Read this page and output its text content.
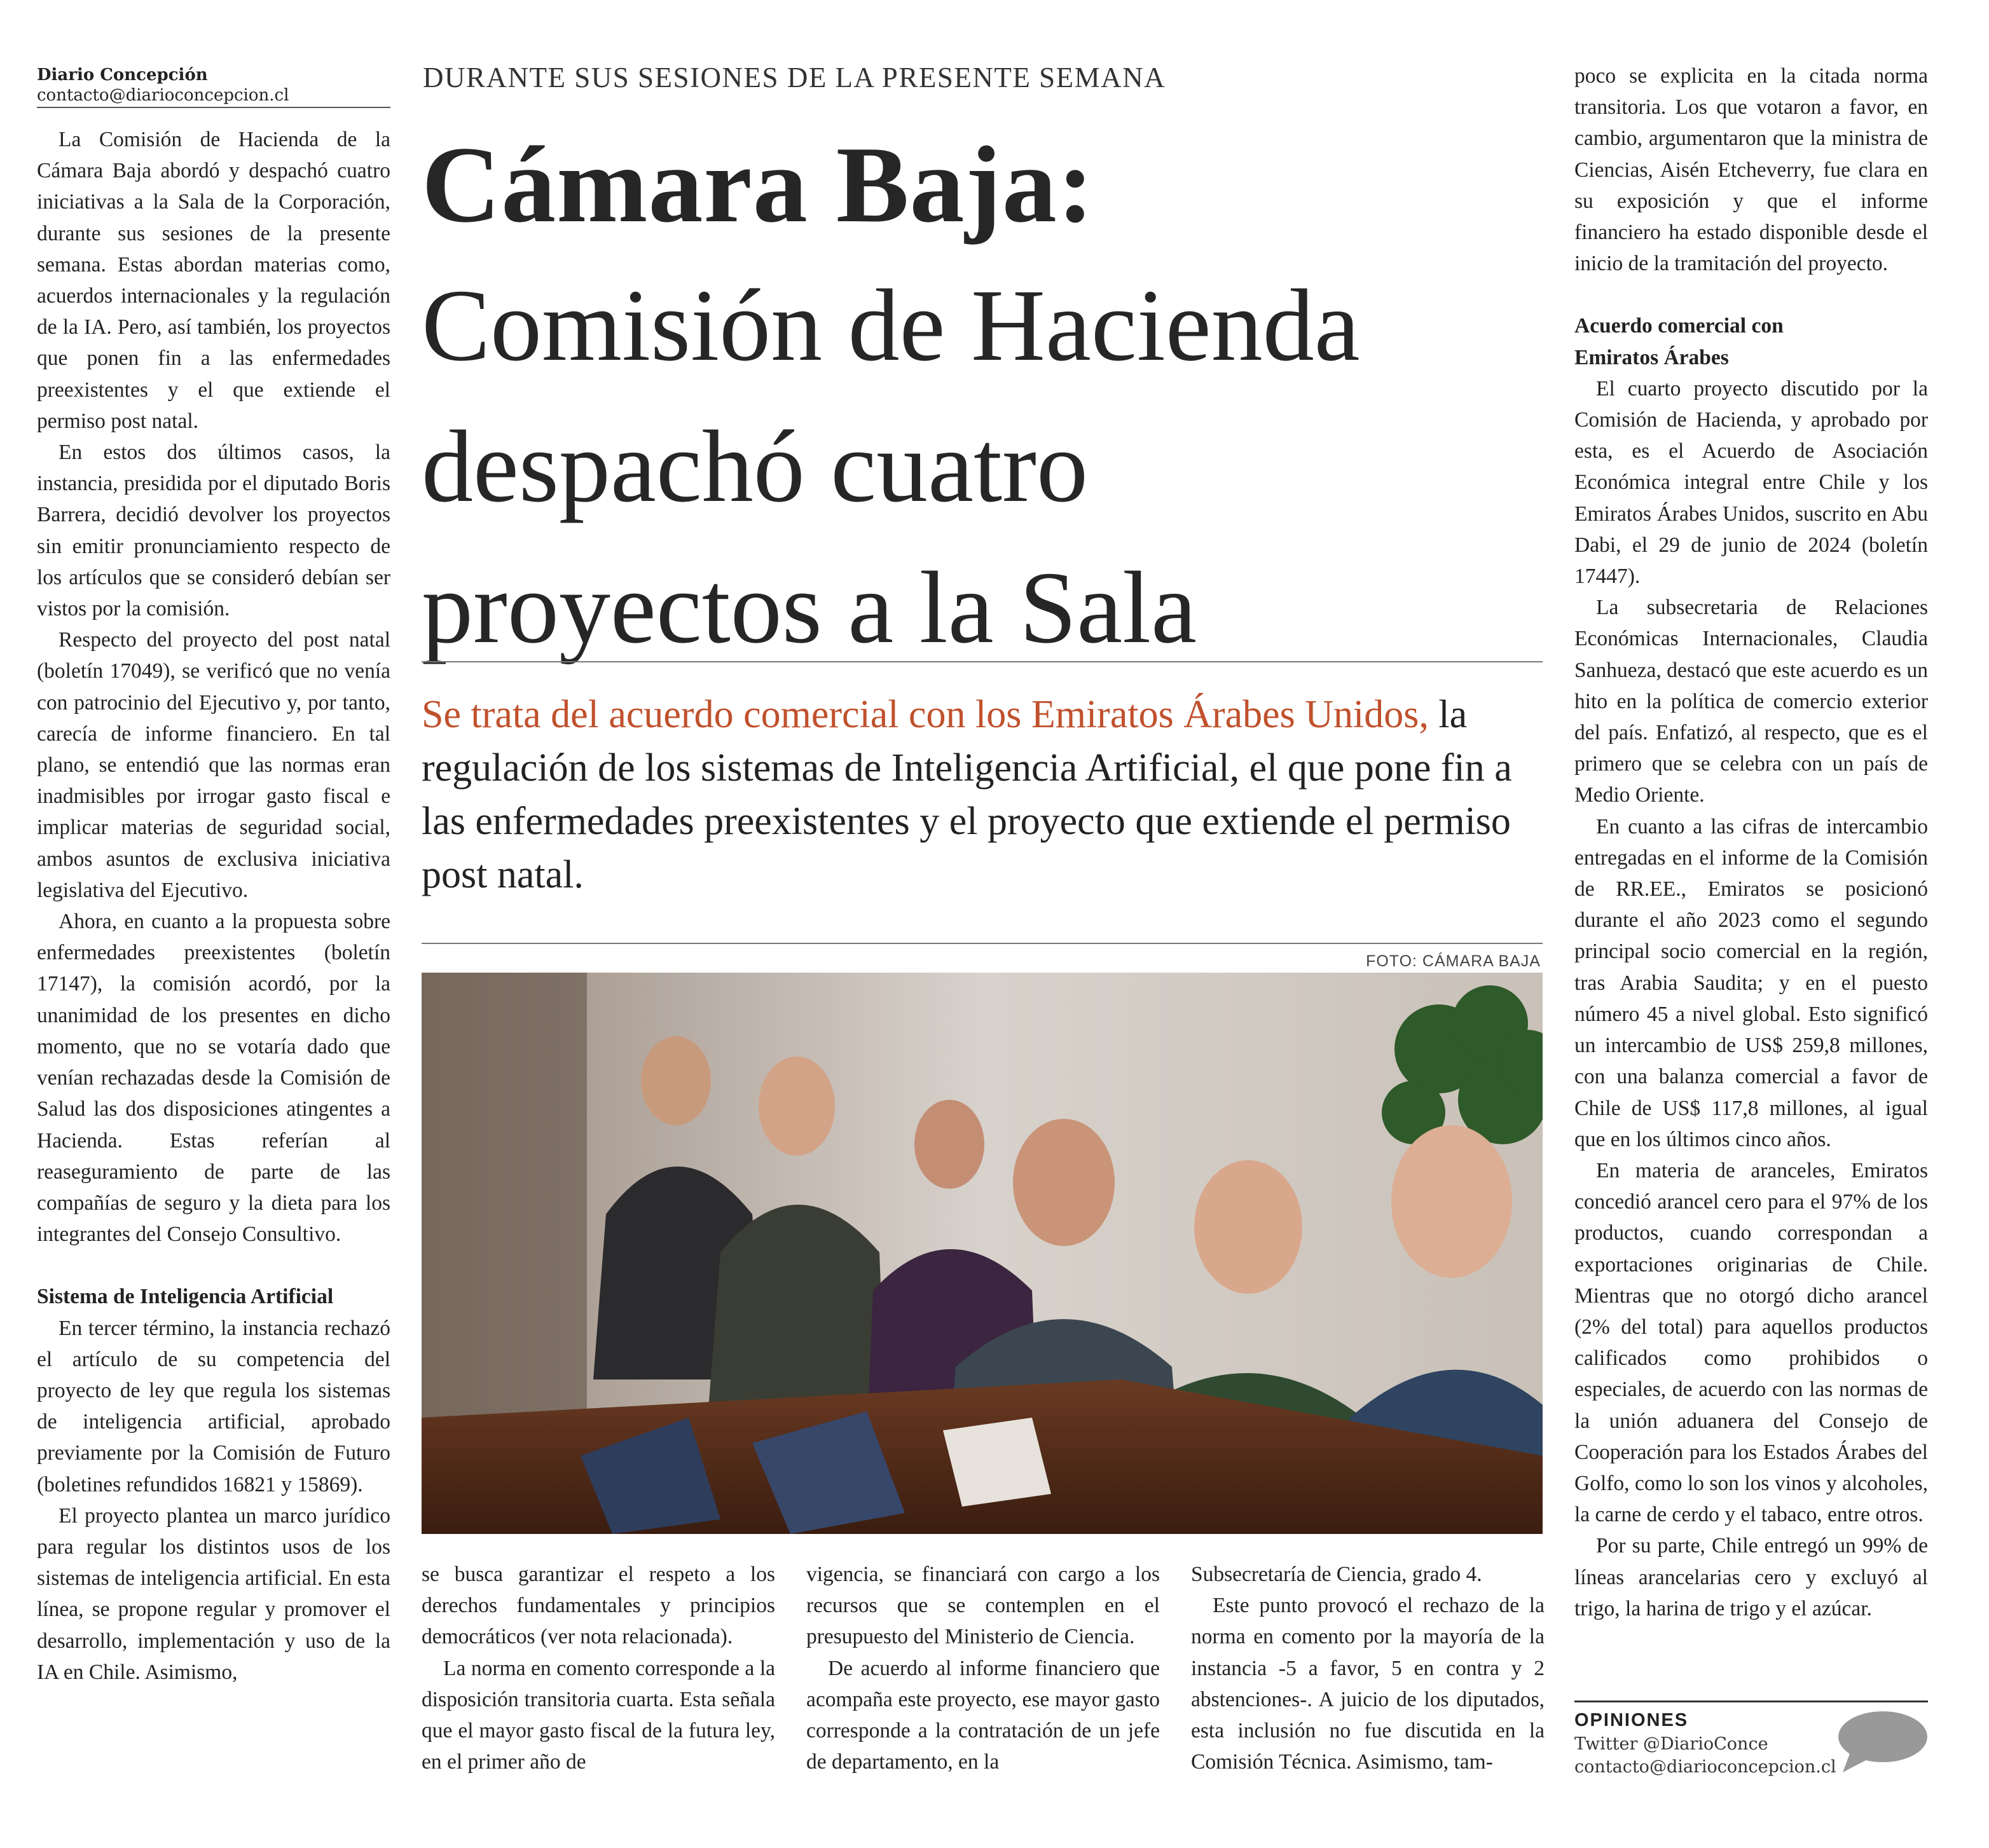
Diario Concepción
contacto@diarioconcepcion.cl

La Comisión de Hacienda de la Cámara Baja abordó y despachó cuatro iniciativas a la Sala de la Corporación, durante sus sesiones de la presente semana. Estas abordan materias como, acuerdos internacionales y la regulación de la IA. Pero, así también, los proyectos que ponen fin a las enfermedades preexistentes y el que extiende el permiso post natal.

En estos dos últimos casos, la instancia, presidida por el diputado Boris Barrera, decidió devolver los proyectos sin emitir pronunciamiento respecto de los artículos que se consideró debían ser vistos por la comisión.

Respecto del proyecto del post natal (boletín 17049), se verificó que no venía con patrocinio del Ejecutivo y, por tanto, carecía de informe financiero. En tal plano, se entendió que las normas eran inadmisibles por irrogar gasto fiscal e implicar materias de seguridad social, ambos asuntos de exclusiva iniciativa legislativa del Ejecutivo.

Ahora, en cuanto a la propuesta sobre enfermedades preexistentes (boletín 17147), la comisión acordó, por la unanimidad de los presentes en dicho momento, que no se votaría dado que venían rechazadas desde la Comisión de Salud las dos disposiciones atingentes a Hacienda. Estas referían al reaseguramiento de parte de las compañías de seguro y la dieta para los integrantes del Consejo Consultivo.

Sistema de Inteligencia Artificial

En tercer término, la instancia rechazó el artículo de su competencia del proyecto de ley que regula los sistemas de inteligencia artificial, aprobado previamente por la Comisión de Futuro (boletines refundidos 16821 y 15869).

El proyecto plantea un marco jurídico para regular los distintos usos de los sistemas de inteligencia artificial. En esta línea, se propone regular y promover el desarrollo, implementación y uso de la IA en Chile. Asimismo,

DURANTE SUS SESIONES DE LA PRESENTE SEMANA
Cámara Baja:
Comisión de Hacienda
despachó cuatro
proyectos a la Sala
Se trata del acuerdo comercial con los Emiratos Árabes Unidos, la regulación de los sistemas de Inteligencia Artificial, el que pone fin a las enfermedades preexistentes y el proyecto que extiende el permiso post natal.
FOTO: CÁMARA BAJA

se busca garantizar el respeto a los derechos fundamentales y principios democráticos (ver nota relacionada).

La norma en comento corresponde a la disposición transitoria cuarta. Esta señala que el mayor gasto fiscal de la futura ley, en el primer año de

vigencia, se financiará con cargo a los recursos que se contemplen en el presupuesto del Ministerio de Ciencia.

De acuerdo al informe financiero que acompaña este proyecto, ese mayor gasto corresponde a la contratación de un jefe de departamento, en la

Subsecretaría de Ciencia, grado 4.

Este punto provocó el rechazo de la norma en comento por la mayoría de la instancia -5 a favor, 5 en contra y 2 abstenciones-. A juicio de los diputados, esta inclusión no fue discutida en la Comisión Técnica. Asimismo, tam-

poco se explicita en la citada norma transitoria. Los que votaron a favor, en cambio, argumentaron que la ministra de Ciencias, Aisén Etcheverry, fue clara en su exposición y que el informe financiero ha estado disponible desde el inicio de la tramitación del proyecto.

Acuerdo comercial con Emiratos Árabes

El cuarto proyecto discutido por la Comisión de Hacienda, y aprobado por esta, es el Acuerdo de Asociación Económica integral entre Chile y los Emiratos Árabes Unidos, suscrito en Abu Dabi, el 29 de junio de 2024 (boletín 17447).

La subsecretaria de Relaciones Económicas Internacionales, Claudia Sanhueza, destacó que este acuerdo es un hito en la política de comercio exterior del país. Enfatizó, al respecto, que es el primero que se celebra con un país de Medio Oriente.

En cuanto a las cifras de intercambio entregadas en el informe de la Comisión de RR.EE., Emiratos se posicionó durante el año 2023 como el segundo principal socio comercial en la región, tras Arabia Saudita; y en el puesto número 45 a nivel global. Esto significó un intercambio de US$ 259,8 millones, con una balanza comercial a favor de Chile de US$ 117,8 millones, al igual que en los últimos cinco años.

En materia de aranceles, Emiratos concedió arancel cero para el 97% de los productos, cuando correspondan a exportaciones originarias de Chile. Mientras que no otorgó dicho arancel (2% del total) para aquellos productos calificados como prohibidos o especiales, de acuerdo con las normas de la unión aduanera del Consejo de Cooperación para los Estados Árabes del Golfo, como lo son los vinos y alcoholes, la carne de cerdo y el tabaco, entre otros.

Por su parte, Chile entregó un 99% de líneas arancelarias cero y excluyó al trigo, la harina de trigo y el azúcar.

OPINIONES
Twitter @DiarioConce
contacto@diarioconcepcion.cl
